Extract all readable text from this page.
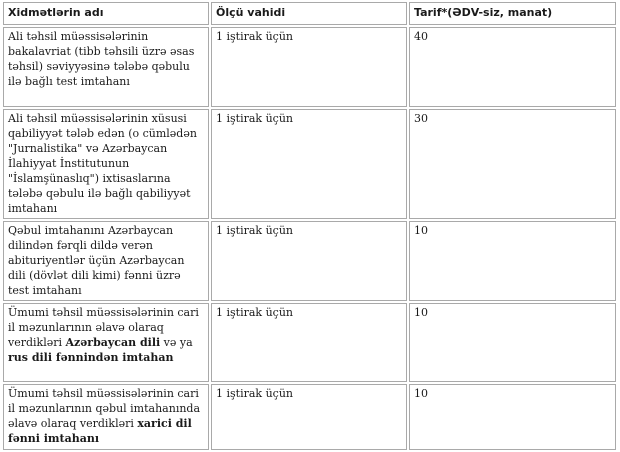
Xidmətlərin adı	Ölçü vahidi	Tarif*(ƏDV-siz, manat)
Ali təhsil müəssisələrinin bakalavriat (tibb təhsili üzrə əsas təhsil) səviyyəsinə tələbə qəbulu ilə bağlı test imtahanı	1 iştirak üçün	40
Ali təhsil müəssisələrinin xüsusi qabiliyyət tələb edən (o cümlədən "Jurnalistika" və Azərbaycan İlahiyyat İnstitutunun "İslamşünaslıq") ixtisaslarına tələbə qəbulu ilə bağlı qabiliyyət imtahanı	1 iştirak üçün	30
Qəbul imtahanını Azərbaycan dilindən fərqli dildə verən abituriyentlər üçün Azərbaycan dili (dövlət dili kimi) fənni üzrə test imtahanı	1 iştirak üçün	10
Ümumi təhsil müəssisələrinin cari il məzunlarının əlavə olaraq verdikləri Azərbaycan dili və ya rus dili fənnindən imtahan	1 iştirak üçün	10
Ümumi təhsil müəssisələrinin cari il məzunlarının qəbul imtahanında əlavə olaraq verdikləri xarici dil fənni imtahanı	1 iştirak üçün	10
